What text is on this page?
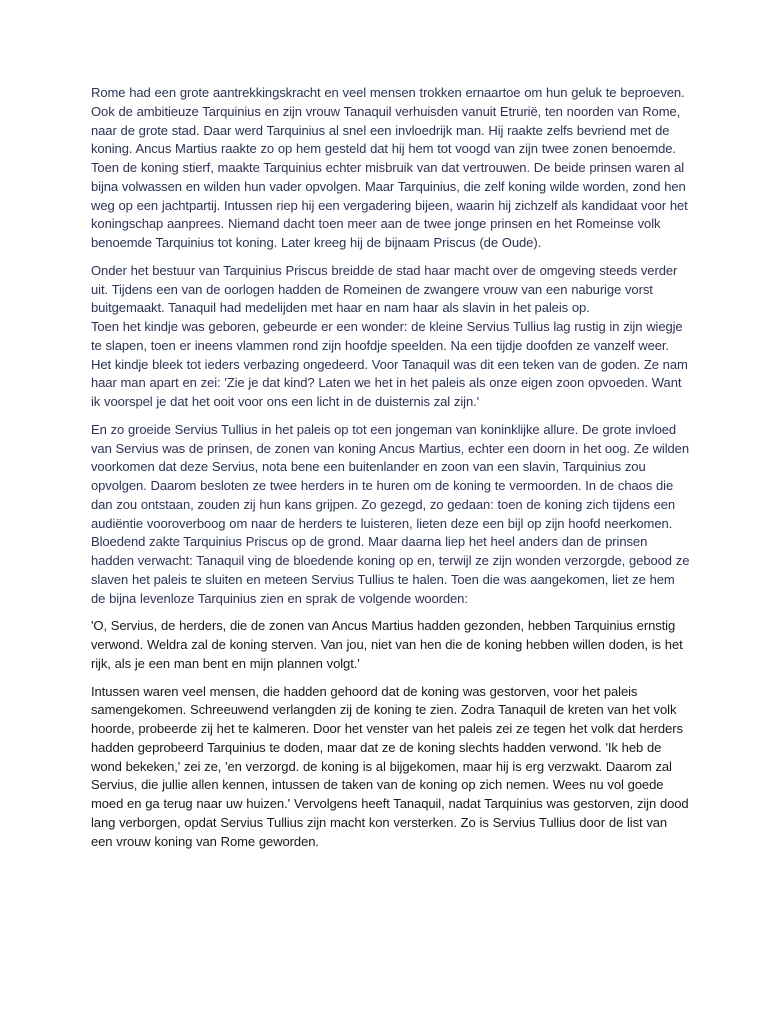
Rome had een grote aantrekkingskracht en veel mensen trokken ernaartoe om hun geluk te beproeven. Ook de ambitieuze Tarquinius en zijn vrouw Tanaquil verhuisden vanuit Etrurië, ten noorden van Rome, naar de grote stad. Daar werd Tarquinius al snel een invloedrijk man. Hij raakte zelfs bevriend met de koning. Ancus Martius raakte zo op hem gesteld dat hij hem tot voogd van zijn twee zonen benoemde. Toen de koning stierf, maakte Tarquinius echter misbruik van dat vertrouwen. De beide prinsen waren al bijna volwassen en wilden hun vader opvolgen. Maar Tarquinius, die zelf koning wilde worden, zond hen weg op een jachtpartij. Intussen riep hij een vergadering bijeen, waarin hij zichzelf als kandidaat voor het koningschap aanprees. Niemand dacht toen meer aan de twee jonge prinsen en het Romeinse volk benoemde Tarquinius tot koning. Later kreeg hij de bijnaam Priscus (de Oude).

Onder het bestuur van Tarquinius Priscus breidde de stad haar macht over de omgeving steeds verder uit. Tijdens een van de oorlogen hadden de Romeinen de zwangere vrouw van een naburige vorst buitgemaakt. Tanaquil had medelijden met haar en nam haar als slavin in het paleis op.

Toen het kindje was geboren, gebeurde er een wonder: de kleine Servius Tullius lag rustig in zijn wiegje te slapen, toen er ineens vlammen rond zijn hoofdje speelden. Na een tijdje doofden ze vanzelf weer. Het kindje bleek tot ieders verbazing ongedeerd. Voor Tanaquil was dit een teken van de goden. Ze nam haar man apart en zei: 'Zie je dat kind? Laten we het in het paleis als onze eigen zoon opvoeden. Want ik voorspel je dat het ooit voor ons een licht in de duisternis zal zijn.'

En zo groeide Servius Tullius in het paleis op tot een jongeman van koninklijke allure. De grote invloed van Servius was de prinsen, de zonen van koning Ancus Martius, echter een doorn in het oog. Ze wilden voorkomen dat deze Servius, nota bene een buitenlander en zoon van een slavin, Tarquinius zou opvolgen. Daarom besloten ze twee herders in te huren om de koning te vermoorden. In de chaos die dan zou ontstaan, zouden zij hun kans grijpen. Zo gezegd, zo gedaan: toen de koning zich tijdens een audiëntie vooroverboog om naar de herders te luisteren, lieten deze een bijl op zijn hoofd neerkomen. Bloedend zakte Tarquinius Priscus op de grond. Maar daarna liep het heel anders dan de prinsen hadden verwacht: Tanaquil ving de bloedende koning op en, terwijl ze zijn wonden verzorgde, gebood ze slaven het paleis te sluiten en meteen Servius Tullius te halen. Toen die was aangekomen, liet ze hem de bijna levenloze Tarquinius zien en sprak de volgende woorden:

'O, Servius, de herders, die de zonen van Ancus Martius hadden gezonden, hebben Tarquinius ernstig verwond. Weldra zal de koning sterven. Van jou, niet van hen die de koning hebben willen doden, is het rijk, als je een man bent en mijn plannen volgt.'

Intussen waren veel mensen, die hadden gehoord dat de koning was gestorven, voor het paleis samengekomen. Schreeuwend verlangden zij de koning te zien. Zodra Tanaquil de kreten van het volk hoorde, probeerde zij het te kalmeren. Door het venster van het paleis zei ze tegen het volk dat herders hadden geprobeerd Tarquinius te doden, maar dat ze de koning slechts hadden verwond. 'Ik heb de wond bekeken,' zei ze, 'en verzorgd. de koning is al bijgekomen, maar hij is erg verzwakt. Daarom zal Servius, die jullie allen kennen, intussen de taken van de koning op zich nemen. Wees nu vol goede moed en ga terug naar uw huizen.' Vervolgens heeft Tanaquil, nadat Tarquinius was gestorven, zijn dood lang verborgen, opdat Servius Tullius zijn macht kon versterken. Zo is Servius Tullius door de list van een vrouw koning van Rome geworden.
